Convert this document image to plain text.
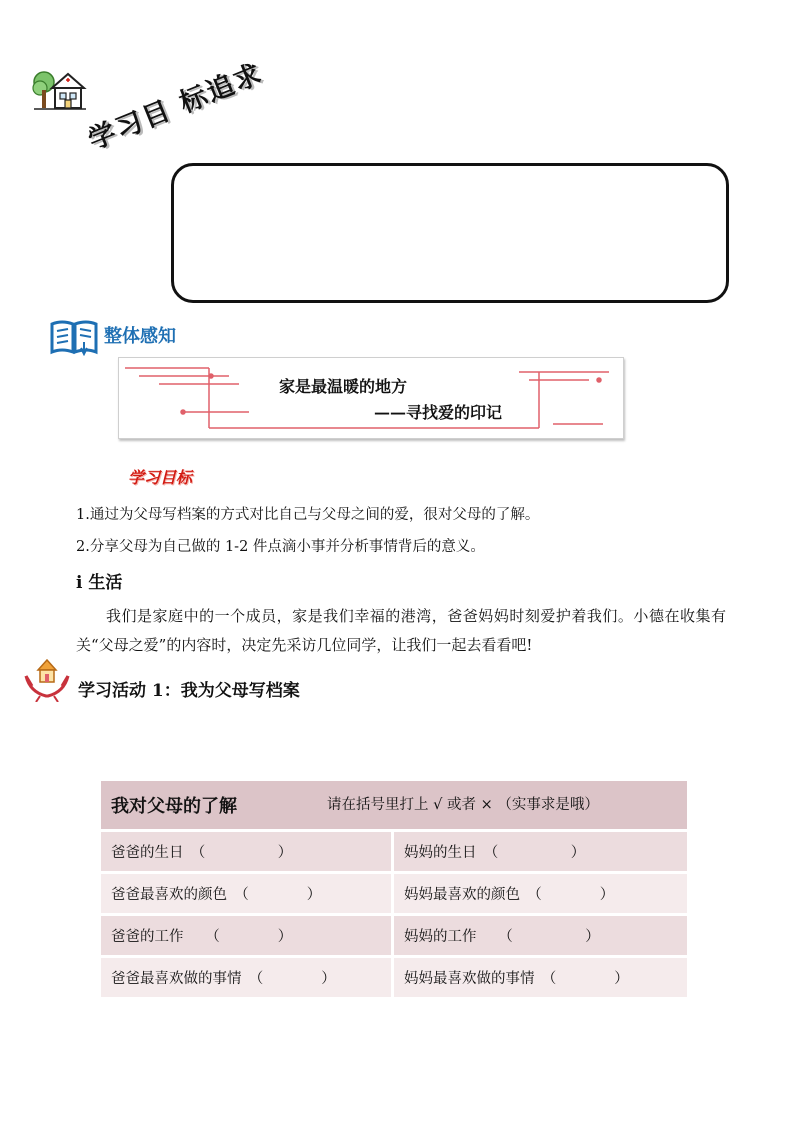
学习目 标追求
整体感知
家是最温暖的地方
——寻找爱的印记
学习目标
1.通过为父母写档案的方式对比自己与父母之间的爱，很对父母的了解。
2.分享父母为自己做的 1-2 件点滴小事并分析事情背后的意义。
i 生活
我们是家庭中的一个成员，家是我们幸福的港湾，爸爸妈妈时刻爱护着我们。小德在收集有关“父母之爱”的内容时，决定先采访几位同学，让我们一起去看看吧!
学习活动 1：我为父母写档案
我对父母的了解 请在括号里打上 √ 或者 × （实事求是哦）	
爸爸的生日　（　　　　　）	妈妈的生日　（　　　　　）
爸爸最喜欢的颜色　（　　　　）	妈妈最喜欢的颜色　（　　　　）
爸爸的工作　　（　　　　）	妈妈的工作　　（　　　　　）
爸爸最喜欢做的事情　（　　　　）	妈妈最喜欢做的事情　（　　　　）
